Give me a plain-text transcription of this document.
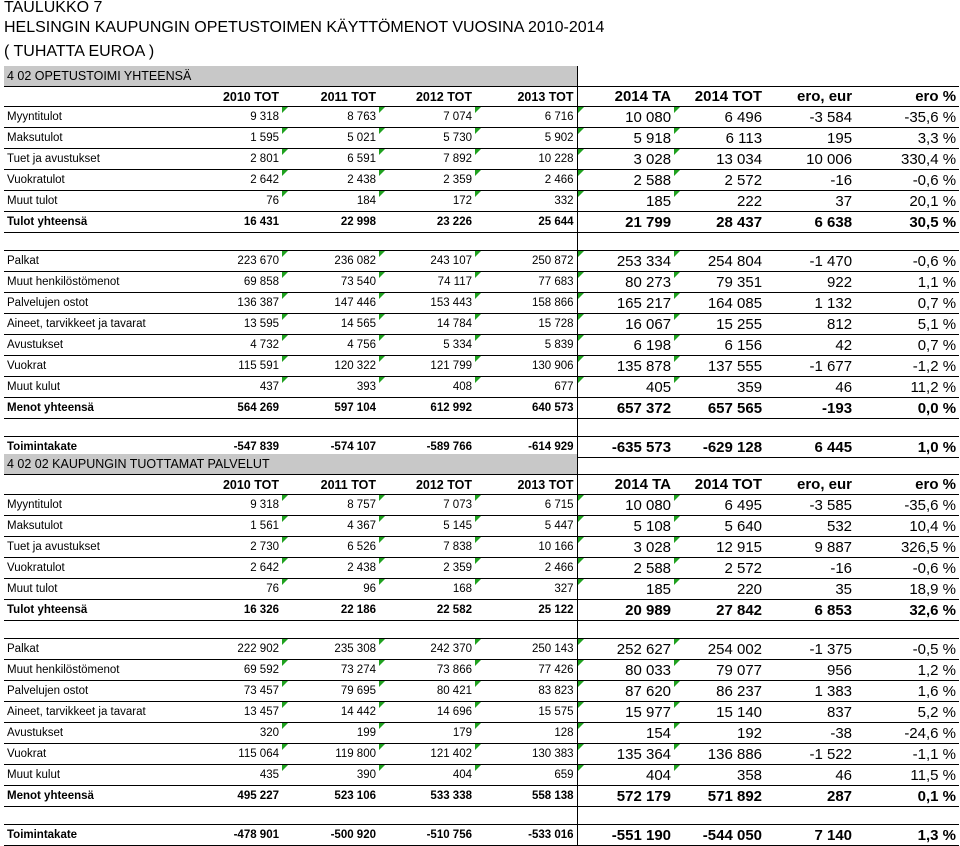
TAULUKKO 7
HELSINGIN KAUPUNGIN OPETUSTOIMEN KÄYTTÖMENOT VUOSINA 2010-2014
( TUHATTA EUROA )
4 02 OPETUSTOIMI YHTEENSÄ								
	2010 TOT	2011 TOT	2012 TOT	2013 TOT	2014 TA	2014 TOT	ero, eur	ero %
Myyntitulot	9 318	8 763	7 074	6 716	10 080	6 496	-3 584	-35,6 %
Maksutulot	1 595	5 021	5 730	5 902	5 918	6 113	195	3,3 %
Tuet ja avustukset	2 801	6 591	7 892	10 228	3 028	13 034	10 006	330,4 %
Vuokratulot	2 642	2 438	2 359	2 466	2 588	2 572	-16	-0,6 %
Muut tulot	76	184	172	332	185	222	37	20,1 %
Tulot yhteensä	16 431	22 998	23 226	25 644	21 799	28 437	6 638	30,5 %

Palkat	223 670	236 082	243 107	250 872	253 334	254 804	-1 470	-0,6 %
Muut henkilöstömenot	69 858	73 540	74 117	77 683	80 273	79 351	922	1,1 %
Palvelujen ostot	136 387	147 446	153 443	158 866	165 217	164 085	1 132	0,7 %
Aineet, tarvikkeet ja tavarat	13 595	14 565	14 784	15 728	16 067	15 255	812	5,1 %
Avustukset	4 732	4 756	5 334	5 839	6 198	6 156	42	0,7 %
Vuokrat	115 591	120 322	121 799	130 906	135 878	137 555	-1 677	-1,2 %
Muut kulut	437	393	408	677	405	359	46	11,2 %
Menot yhteensä	564 269	597 104	612 992	640 573	657 372	657 565	-193	0,0 %

Toimintakate	-547 839	-574 107	-589 766	-614 929	-635 573	-629 128	6 445	1,0 %
4 02 02 KAUPUNGIN TUOTTAMAT PALVELUT								
	2010 TOT	2011 TOT	2012 TOT	2013 TOT	2014 TA	2014 TOT	ero, eur	ero %
Myyntitulot	9 318	8 757	7 073	6 715	10 080	6 495	-3 585	-35,6 %
Maksutulot	1 561	4 367	5 145	5 447	5 108	5 640	532	10,4 %
Tuet ja avustukset	2 730	6 526	7 838	10 166	3 028	12 915	9 887	326,5 %
Vuokratulot	2 642	2 438	2 359	2 466	2 588	2 572	-16	-0,6 %
Muut tulot	76	96	168	327	185	220	35	18,9 %
Tulot yhteensä	16 326	22 186	22 582	25 122	20 989	27 842	6 853	32,6 %

Palkat	222 902	235 308	242 370	250 143	252 627	254 002	-1 375	-0,5 %
Muut henkilöstömenot	69 592	73 274	73 866	77 426	80 033	79 077	956	1,2 %
Palvelujen ostot	73 457	79 695	80 421	83 823	87 620	86 237	1 383	1,6 %
Aineet, tarvikkeet ja tavarat	13 457	14 442	14 696	15 575	15 977	15 140	837	5,2 %
Avustukset	320	199	179	128	154	192	-38	-24,6 %
Vuokrat	115 064	119 800	121 402	130 383	135 364	136 886	-1 522	-1,1 %
Muut kulut	435	390	404	659	404	358	46	11,5 %
Menot yhteensä	495 227	523 106	533 338	558 138	572 179	571 892	287	0,1 %

Toimintakate	-478 901	-500 920	-510 756	-533 016	-551 190	-544 050	7 140	1,3 %
